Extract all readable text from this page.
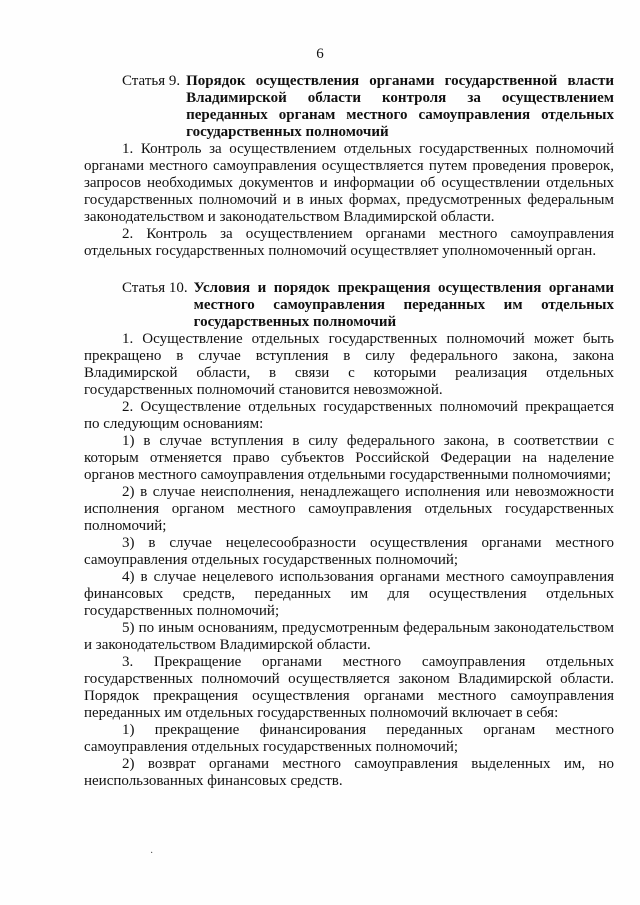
6
Статья 9. Порядок осуществления органами государственной власти Владимирской области контроля за осуществлением переданных органам местного самоуправления отдельных государственных полномочий

1. Контроль за осуществлением отдельных государственных полномочий органами местного самоуправления осуществляется путем проведения проверок, запросов необходимых документов и информации об осуществлении отдельных государственных полномочий и в иных формах, предусмотренных федеральным законодательством и законодательством Владимирской области.

2. Контроль за осуществлением органами местного самоуправления отдельных государственных полномочий осуществляет уполномоченный орган.

Статья 10. Условия и порядок прекращения осуществления органами местного самоуправления переданных им отдельных государственных полномочий

1. Осуществление отдельных государственных полномочий может быть прекращено в случае вступления в силу федерального закона, закона Владимирской области, в связи с которыми реализация отдельных государственных полномочий становится невозможной.

2. Осуществление отдельных государственных полномочий прекращается по следующим основаниям:

1) в случае вступления в силу федерального закона, в соответствии с которым отменяется право субъектов Российской Федерации на наделение органов местного самоуправления отдельными государственными полномочиями;

2) в случае неисполнения, ненадлежащего исполнения или невозможности исполнения органом местного самоуправления отдельных государственных полномочий;

3) в случае нецелесообразности осуществления органами местного самоуправления отдельных государственных полномочий;

4) в случае нецелевого использования органами местного самоуправления финансовых средств, переданных им для осуществления отдельных государственных полномочий;

5) по иным основаниям, предусмотренным федеральным законодательством и законодательством Владимирской области.

3. Прекращение органами местного самоуправления отдельных государственных полномочий осуществляется законом Владимирской области. Порядок прекращения осуществления органами местного самоуправления переданных им отдельных государственных полномочий включает в себя:

1) прекращение финансирования переданных органам местного самоуправления отдельных государственных полномочий;

2) возврат органами местного самоуправления выделенных им, но неиспользованных финансовых средств.

·
